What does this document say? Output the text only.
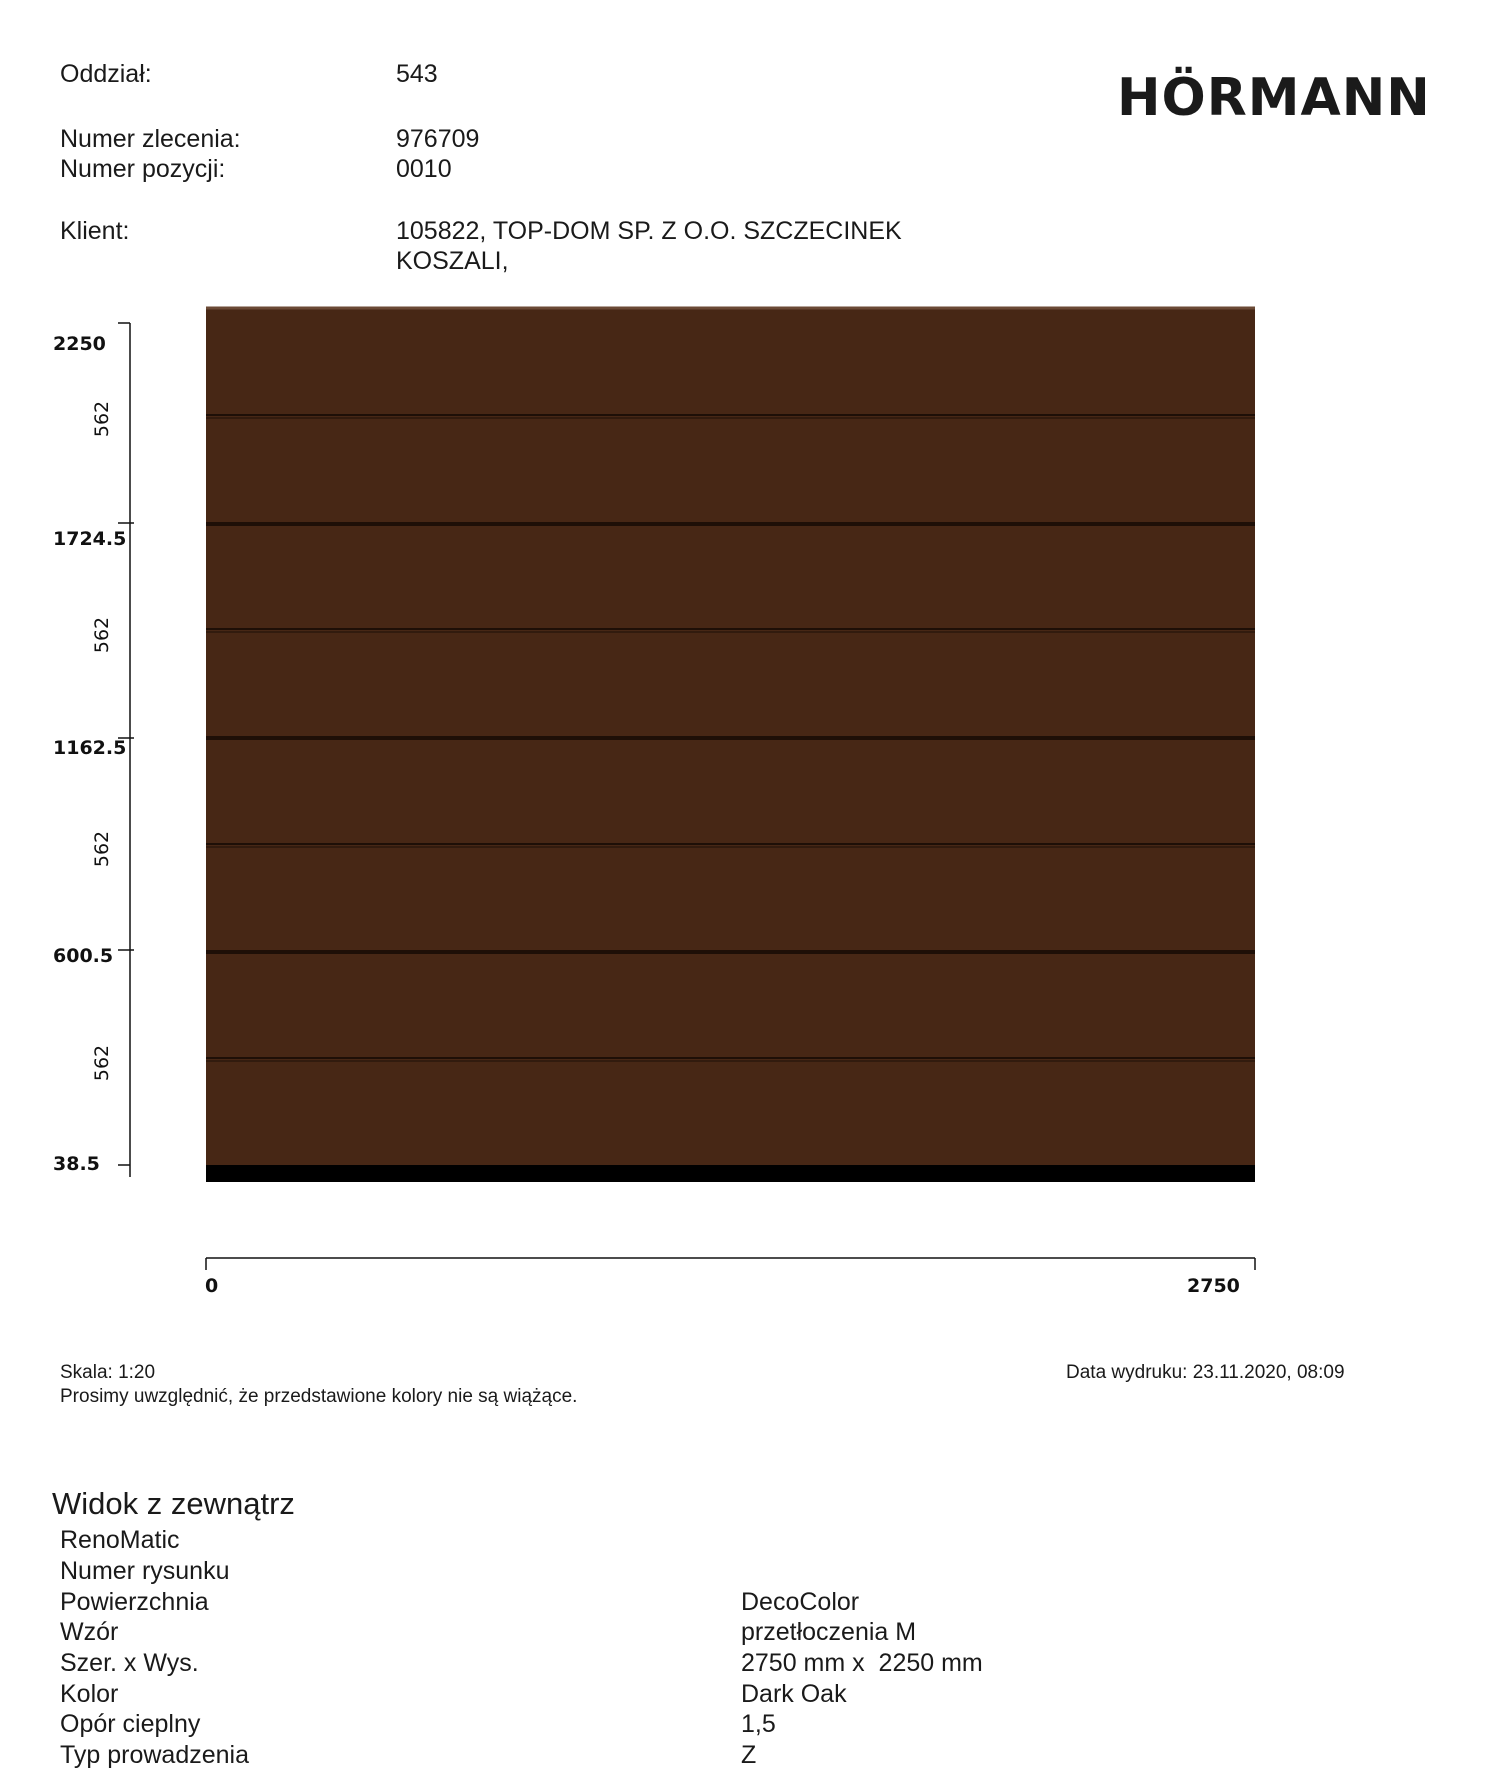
Oddział:	543
Numer zlecenia:	976709
Numer pozycji:	0010
Klient:	105822, TOP-DOM SP. Z O.O. SZCZECINEK
KOSZALI,
HÖRMANN
2250
1724.5
1162.5
600.5
38.5
562
562
562
562
0	2750
Skala: 1:20
Prosimy uwzględnić, że przedstawione kolory nie są wiążące.
Data wydruku: 23.11.2020, 08:09
Widok z zewnątrz
RenoMatic
Numer rysunku
Powierzchnia	DecoColor
Wzór	przetłoczenia M
Szer. x Wys.	2750 mm x  2250 mm
Kolor	Dark Oak
Opór cieplny	1,5
Typ prowadzenia	Z
